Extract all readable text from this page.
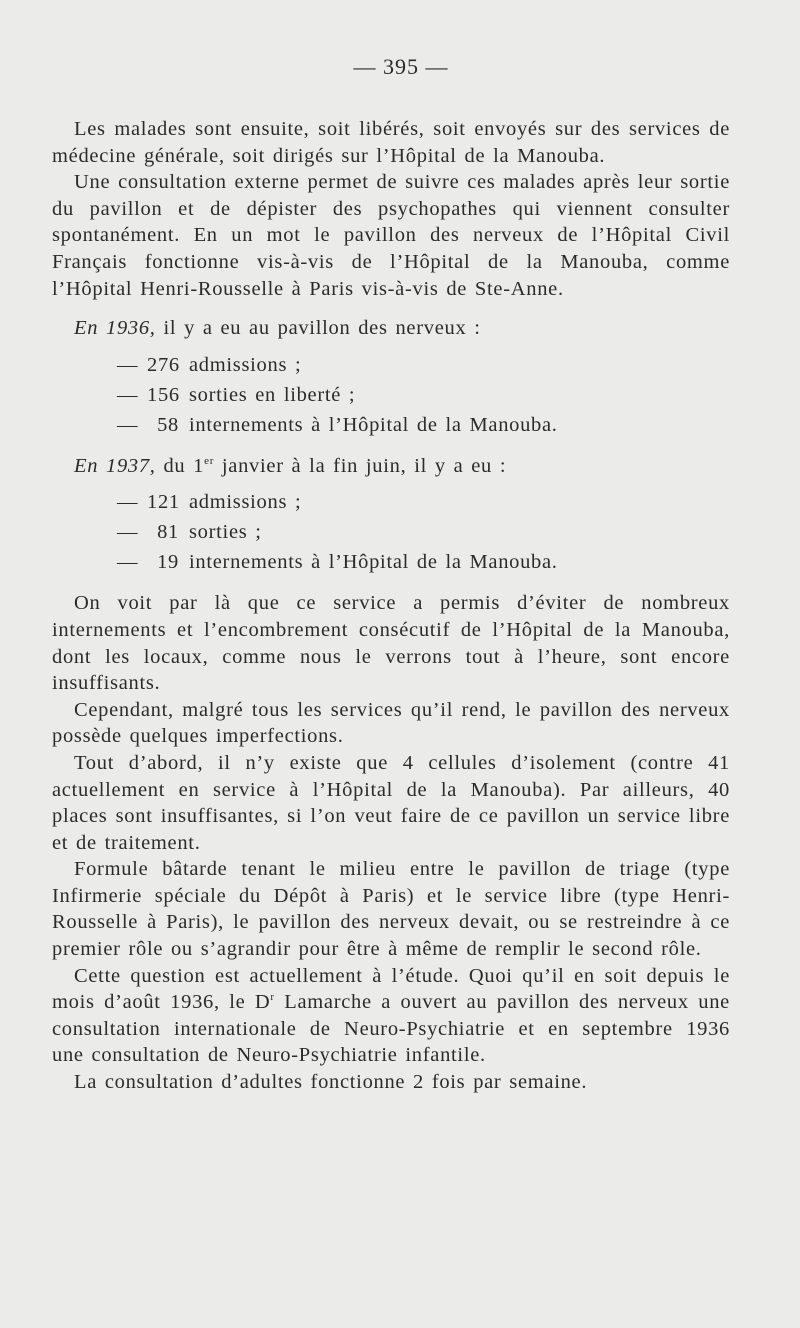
— 395 —

Les malades sont ensuite, soit libérés, soit envoyés sur des services de médecine générale, soit dirigés sur l’Hôpital de la Manouba.

Une consultation externe permet de suivre ces malades après leur sortie du pavillon et de dépister des psychopathes qui viennent consulter spontanément. En un mot le pavillon des nerveux de l’Hôpital Civil Français fonctionne vis-à-vis de l’Hôpital de la Manouba, comme l’Hôpital Henri-Rousselle à Paris vis-à-vis de Ste-Anne.

En 1936, il y a eu au pavillon des nerveux :

— 276 admissions ;
— 156 sorties en liberté ;
— 58 internements à l’Hôpital de la Manouba.

En 1937, du 1er janvier à la fin juin, il y a eu :

— 121 admissions ;
— 81 sorties ;
— 19 internements à l’Hôpital de la Manouba.

On voit par là que ce service a permis d’éviter de nombreux internements et l’encombrement consécutif de l’Hôpital de la Manouba, dont les locaux, comme nous le verrons tout à l’heure, sont encore insuffisants.

Cependant, malgré tous les services qu’il rend, le pavillon des nerveux possède quelques imperfections.

Tout d’abord, il n’y existe que 4 cellules d’isolement (contre 41 actuellement en service à l’Hôpital de la Manouba). Par ailleurs, 40 places sont insuffisantes, si l’on veut faire de ce pavillon un service libre et de traitement.

Formule bâtarde tenant le milieu entre le pavillon de triage (type Infirmerie spéciale du Dépôt à Paris) et le service libre (type Henri-Rousselle à Paris), le pavillon des nerveux devait, ou se restreindre à ce premier rôle ou s’agrandir pour être à même de remplir le second rôle.

Cette question est actuellement à l’étude. Quoi qu’il en soit depuis le mois d’août 1936, le $D^r$ Lamarche a ouvert au pavillon des nerveux une consultation internationale de Neuro-Psychiatrie et en septembre 1936 une consultation de Neuro-Psychiatrie infantile.

La consultation d’adultes fonctionne 2 fois par semaine.
